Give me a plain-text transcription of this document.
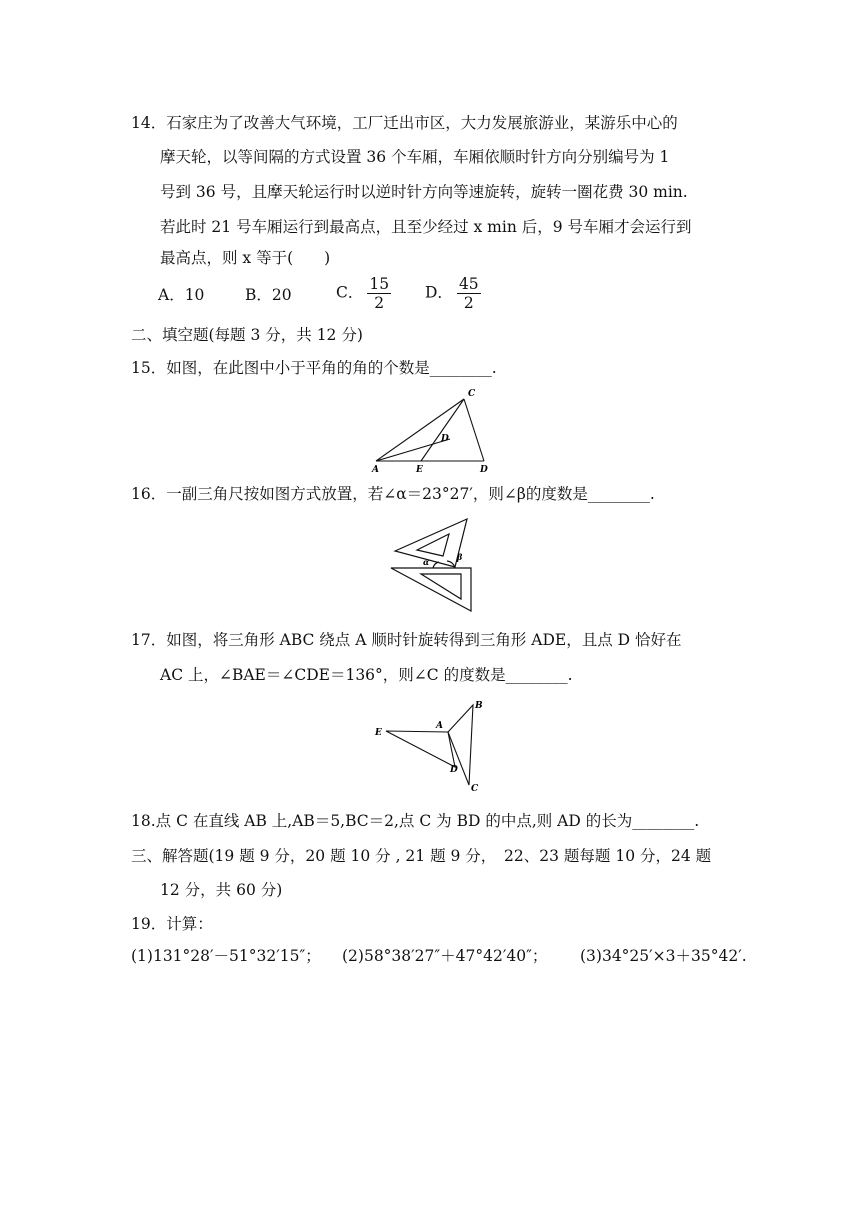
14．石家庄为了改善大气环境，工厂迁出市区，大力发展旅游业，某游乐中心的
摩天轮，以等间隔的方式设置 36 个车厢，车厢依顺时针方向分别编号为 1
号到 36 号，且摩天轮运行时以逆时针方向等速旋转，旋转一圈花费 30 min.
若此时 21 号车厢运行到最高点，且至少经过 x min 后，9 号车厢才会运行到
最高点，则 x 等于(　　)
A．10	B．20	C． $\frac{15}{2}$ D． $\frac{45}{2}$
二、填空题(每题 3 分，共 12 分)
15．如图，在此图中小于平角的角的个数是________.
A	E	D
C
D
16．一副三角尺按如图方式放置，若∠α＝23°27′，则∠β的度数是________.
α	β
17．如图，将三角形 ABC 绕点 A 顺时针旋转得到三角形 ADE，且点 D 恰好在
AC 上，∠BAE＝∠CDE＝136°，则∠C 的度数是________.
E
A
B
D
C
18.点 C 在直线 AB 上,AB＝5,BC＝2,点 C 为 BD 的中点,则 AD 的长为________.
三、解答题(19 题 9 分，20 题 10 分 , 21 题 9 分，　22、23 题每题 10 分，24 题
12 分，共 60 分)
19．计算：
(1)131°28′－51°32′15″； (2)58°38′27″＋47°42′40″； (3)34°25′×3＋35°42′.
